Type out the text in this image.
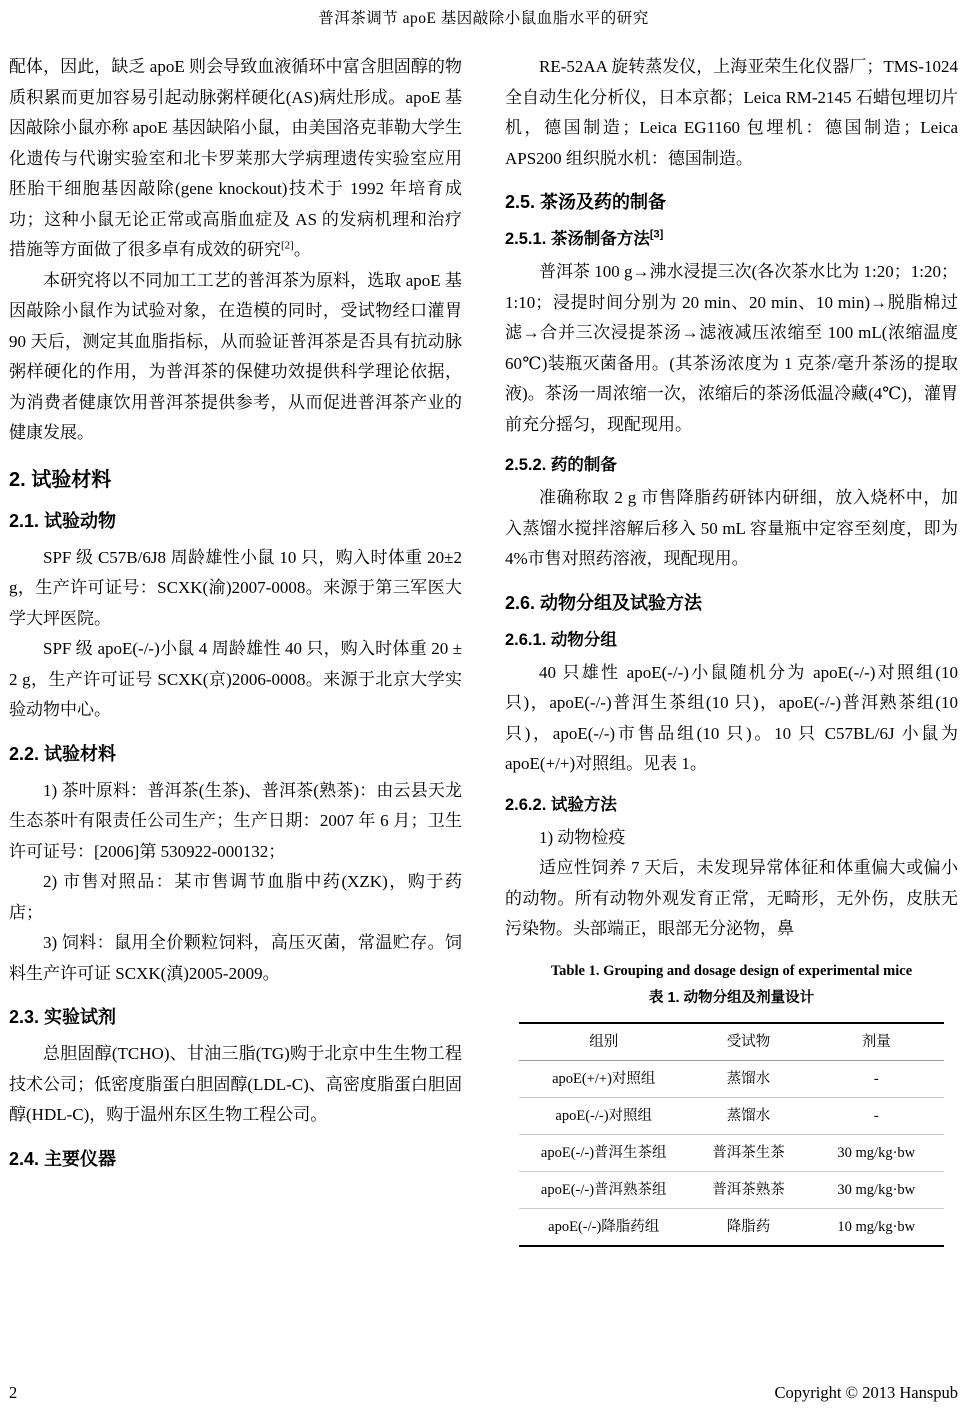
普洱茶调节 apoE 基因敲除小鼠血脂水平的研究

配体，因此，缺乏 apoE 则会导致血液循环中富含胆固醇的物质积累而更加容易引起动脉粥样硬化(AS)病灶形成。apoE 基因敲除小鼠亦称 apoE 基因缺陷小鼠，由美国洛克菲勒大学生化遗传与代谢实验室和北卡罗莱那大学病理遗传实验室应用胚胎干细胞基因敲除(gene knockout)技术于 1992 年培育成功；这种小鼠无论正常或高脂血症及 AS 的发病机理和治疗措施等方面做了很多卓有成效的研究[2]。

本研究将以不同加工工艺的普洱茶为原料，选取 apoE 基因敲除小鼠作为试验对象，在造模的同时，受试物经口灌胃 90 天后，测定其血脂指标，从而验证普洱茶是否具有抗动脉粥样硬化的作用，为普洱茶的保健功效提供科学理论依据，为消费者健康饮用普洱茶提供参考，从而促进普洱茶产业的健康发展。

2. 试验材料
2.1. 试验动物

SPF 级 C57B/6J8 周龄雄性小鼠 10 只，购入时体重 20±2 g，生产许可证号：SCXK(渝)2007-0008。来源于第三军医大学大坪医院。

SPF 级 apoE(-/-)小鼠 4 周龄雄性 40 只，购入时体重 20 ± 2 g，生产许可证号 SCXK(京)2006-0008。来源于北京大学实验动物中心。

2.2. 试验材料

1) 茶叶原料：普洱茶(生茶)、普洱茶(熟茶)：由云县天龙生态茶叶有限责任公司生产；生产日期：2007 年 6 月；卫生许可证号：[2006]第 530922-000132；

2) 市售对照品：某市售调节血脂中药(XZK)，购于药店；

3) 饲料：鼠用全价颗粒饲料，高压灭菌，常温贮存。饲料生产许可证 SCXK(滇)2005-2009。

2.3. 实验试剂

总胆固醇(TCHO)、甘油三脂(TG)购于北京中生生物工程技术公司；低密度脂蛋白胆固醇(LDL-C)、高密度脂蛋白胆固醇(HDL-C)，购于温州东区生物工程公司。

2.4. 主要仪器

RE-52AA 旋转蒸发仪，上海亚荣生化仪器厂；TMS-1024 全自动生化分析仪，日本京都；Leica RM-2145 石蜡包埋切片机，德国制造；Leica EG1160 包埋机：德国制造；Leica APS200 组织脱水机：德国制造。

2.5. 茶汤及药的制备
2.5.1. 茶汤制备方法[3]

普洱茶 100 g→沸水浸提三次(各次茶水比为 1:20；1:20；1:10；浸提时间分别为 20 min、20 min、10 min)→脱脂棉过滤→合并三次浸提茶汤→滤液减压浓缩至 100 mL(浓缩温度 60℃)装瓶灭菌备用。(其茶汤浓度为 1 克茶/毫升茶汤的提取液)。茶汤一周浓缩一次，浓缩后的茶汤低温冷藏(4℃)，灌胃前充分摇匀，现配现用。

2.5.2. 药的制备

准确称取 2 g 市售降脂药研钵内研细，放入烧杯中，加入蒸馏水搅拌溶解后移入 50 mL 容量瓶中定容至刻度，即为 4%市售对照药溶液，现配现用。

2.6. 动物分组及试验方法
2.6.1. 动物分组

40 只雄性 apoE(-/-)小鼠随机分为 apoE(-/-)对照组(10 只)，apoE(-/-)普洱生茶组(10 只)，apoE(-/-)普洱熟茶组(10 只)，apoE(-/-)市售品组(10 只)。10 只 C57BL/6J 小鼠为 apoE(+/+)对照组。见表 1。

2.6.2. 试验方法

1) 动物检疫

适应性饲养 7 天后，未发现异常体征和体重偏大或偏小的动物。所有动物外观发育正常，无畸形，无外伤，皮肤无污染物。头部端正，眼部无分泌物，鼻

Table 1. Grouping and dosage design of experimental mice
表 1. 动物分组及剂量设计
组别	受试物	剂量
apoE(+/+)对照组	蒸馏水	-
apoE(-/-)对照组	蒸馏水	-
apoE(-/-)普洱生茶组	普洱茶生茶	30 mg/kg·bw
apoE(-/-)普洱熟茶组	普洱茶熟茶	30 mg/kg·bw
apoE(-/-)降脂药组	降脂药	10 mg/kg·bw
2	Copyright © 2013 Hanspub
